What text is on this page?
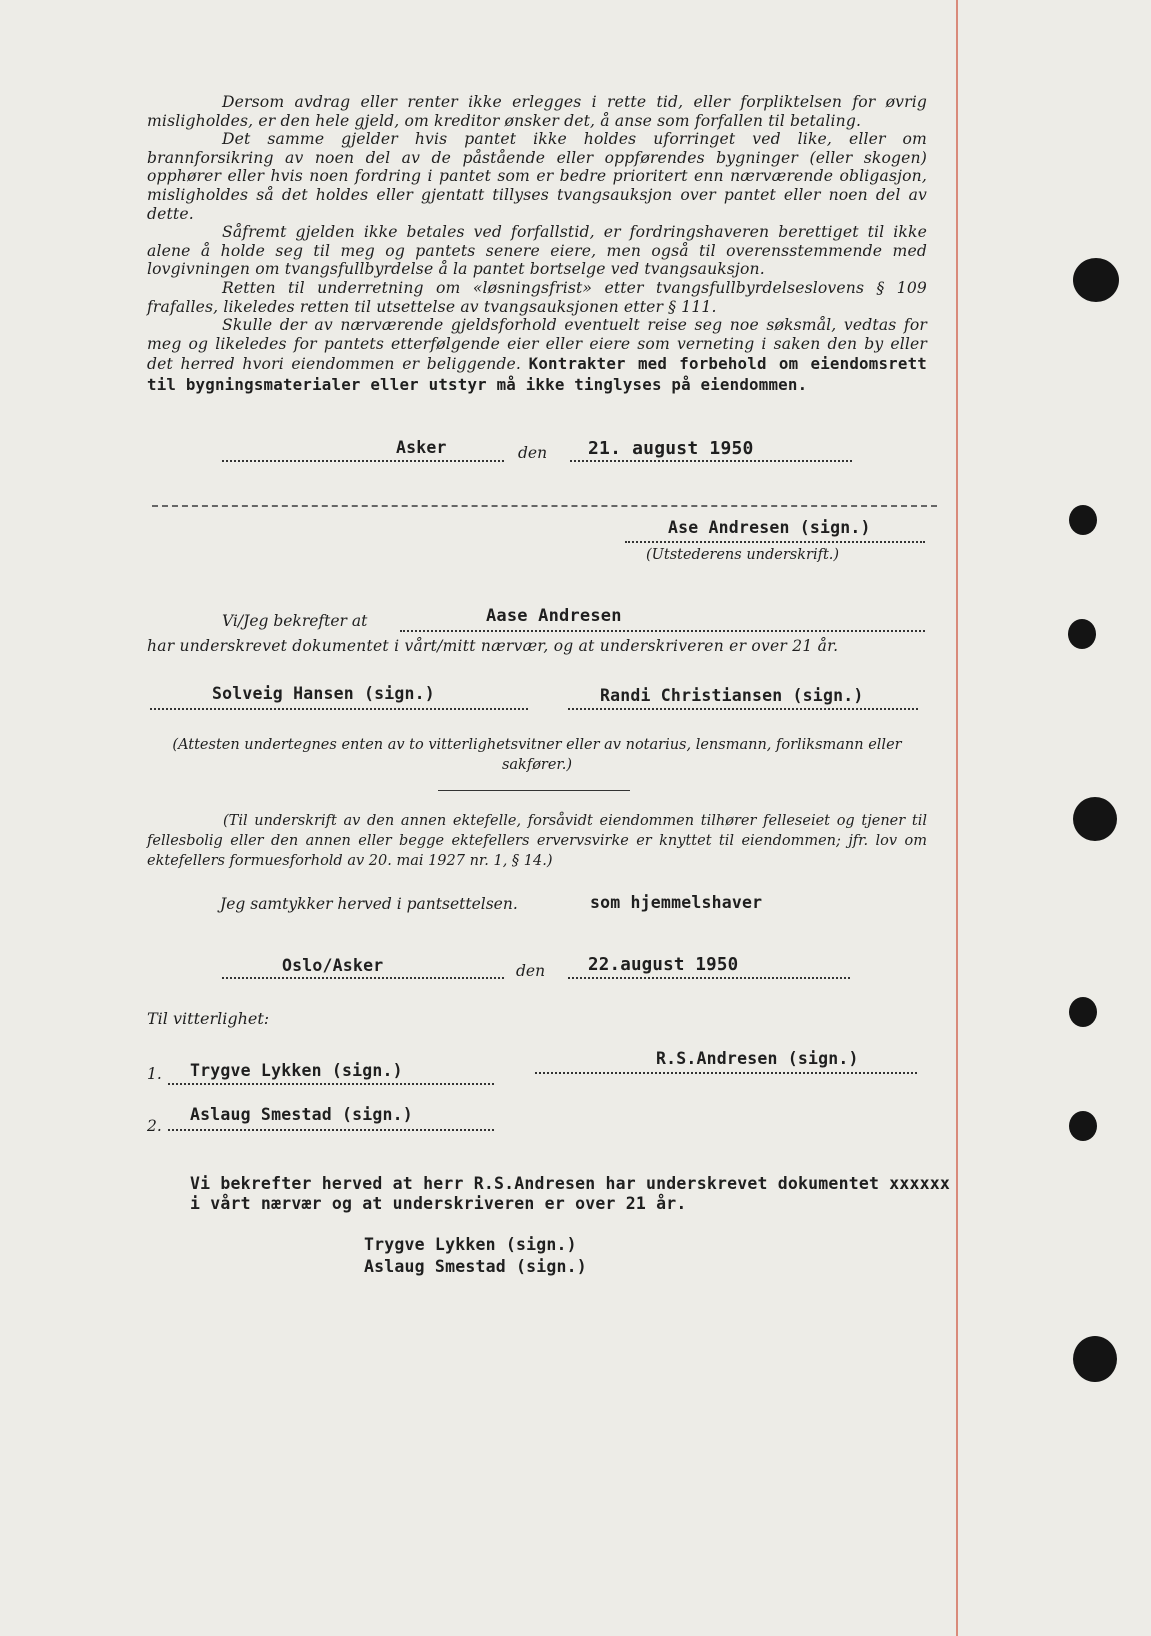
Dersom avdrag eller renter ikke erlegges i rette tid, eller forpliktelsen for øvrig misligholdes, er den hele gjeld, om kreditor ønsker det, å anse som forfallen til betaling.

Det samme gjelder hvis pantet ikke holdes uforringet ved like, eller om brannforsikring av noen del av de påstående eller oppførendes bygninger (eller skogen) opphører eller hvis noen fordring i pantet som er bedre prioritert enn nærværende obligasjon, misligholdes så det holdes eller gjentatt tillyses tvangsauksjon over pantet eller noen del av dette.

Såfremt gjelden ikke betales ved forfallstid, er fordringshaveren berettiget til ikke alene å holde seg til meg og pantets senere eiere, men også til overensstemmende med lovgivningen om tvangsfullbyrdelse å la pantet bortselge ved tvangsauksjon.

Retten til underretning om «løsningsfrist» etter tvangsfullbyrdelseslovens § 109 frafalles, likeledes retten til utsettelse av tvangsauksjonen etter § 111.

Skulle der av nærværende gjeldsforhold eventuelt reise seg noe søksmål, vedtas for meg og likeledes for pantets etterfølgende eier eller eiere som verneting i saken den by eller det herred hvori eiendommen er beliggende. Kontrakter med forbehold om eiendomsrett til bygningsmaterialer eller utstyr må ikke tinglyses på eiendommen.

Asker	den 21. august 1950
Ase Andresen (sign.)
(Utstederens underskrift.)
Vi/Jeg bekrefter at	Aase Andresen
har underskrevet dokumentet i vårt/mitt nærvær, og at underskriveren er over 21 år.
Solveig Hansen (sign.)	Randi Christiansen (sign.)
(Attesten undertegnes enten av to vitterlighetsvitner eller av notarius, lensmann, forliksmann eller sakfører.)
(Til underskrift av den annen ektefelle, forsåvidt eiendommen tilhører felleseiet og tjener til fellesbolig eller den annen eller begge ektefellers ervervsvirke er knyttet til eiendommen; jfr. lov om ektefellers formuesforhold av 20. mai 1927 nr. 1, § 14.)
Jeg samtykker herved i pantsettelsen.	som hjemmelshaver
Oslo/Asker	den 22.august 1950
Til vitterlighet:
1. Trygve Lykken (sign.)
R.S.Andresen (sign.)
2.
Aslaug Smestad (sign.)
Vi bekrefter herved at herr R.S.Andresen har underskrevet dokumentet xxxxxx
i vårt nærvær og at underskriveren er over 21 år.
Trygve Lykken (sign.)
Aslaug Smestad (sign.)
